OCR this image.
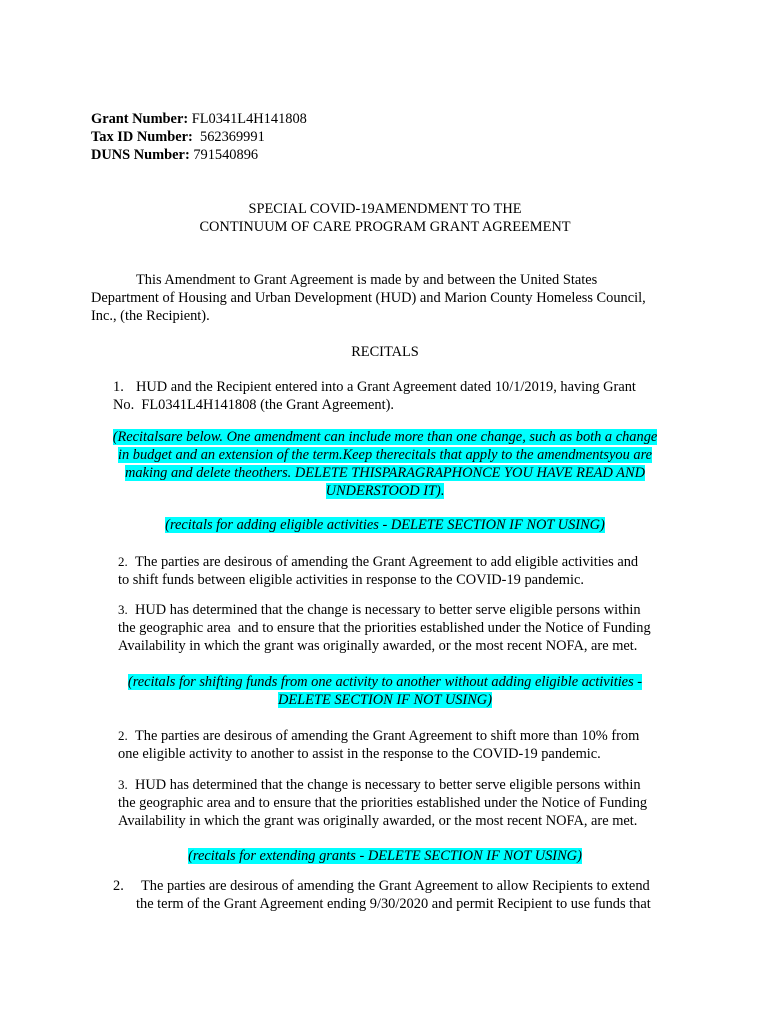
Grant Number: FL0341L4H141808
Tax ID Number:  562369991
DUNS Number: 791540896
SPECIAL COVID-19AMENDMENT TO THE
CONTINUUM OF CARE PROGRAM GRANT AGREEMENT
This Amendment to Grant Agreement is made by and between the United States
Department of Housing and Urban Development (HUD) and Marion County Homeless Council,
Inc., (the Recipient).
RECITALS
1. HUD and the Recipient entered into a Grant Agreement dated 10/1/2019, having Grant
No.  FL0341L4H141808 (the Grant Agreement).
(Recitalsare below. One amendment can include more than one change, such as both a change
in budget and an extension of the term.Keep therecitals that apply to the amendmentsyou are
making and delete theothers. DELETE THISPARAGRAPHONCE YOU HAVE READ AND
UNDERSTOOD IT).
(recitals for adding eligible activities - DELETE SECTION IF NOT USING)
2. The parties are desirous of amending the Grant Agreement to add eligible activities and
to shift funds between eligible activities in response to the COVID-19 pandemic.
3. HUD has determined that the change is necessary to better serve eligible persons within
the geographic area  and to ensure that the priorities established under the Notice of Funding
Availability in which the grant was originally awarded, or the most recent NOFA, are met.
(recitals for shifting funds from one activity to another without adding eligible activities -
DELETE SECTION IF NOT USING)
2. The parties are desirous of amending the Grant Agreement to shift more than 10% from
one eligible activity to another to assist in the response to the COVID-19 pandemic.
3. HUD has determined that the change is necessary to better serve eligible persons within
the geographic area and to ensure that the priorities established under the Notice of Funding
Availability in which the grant was originally awarded, or the most recent NOFA, are met.
(recitals for extending grants - DELETE SECTION IF NOT USING)
2. The parties are desirous of amending the Grant Agreement to allow Recipients to extend
the term of the Grant Agreement ending 9/30/2020 and permit Recipient to use funds that
